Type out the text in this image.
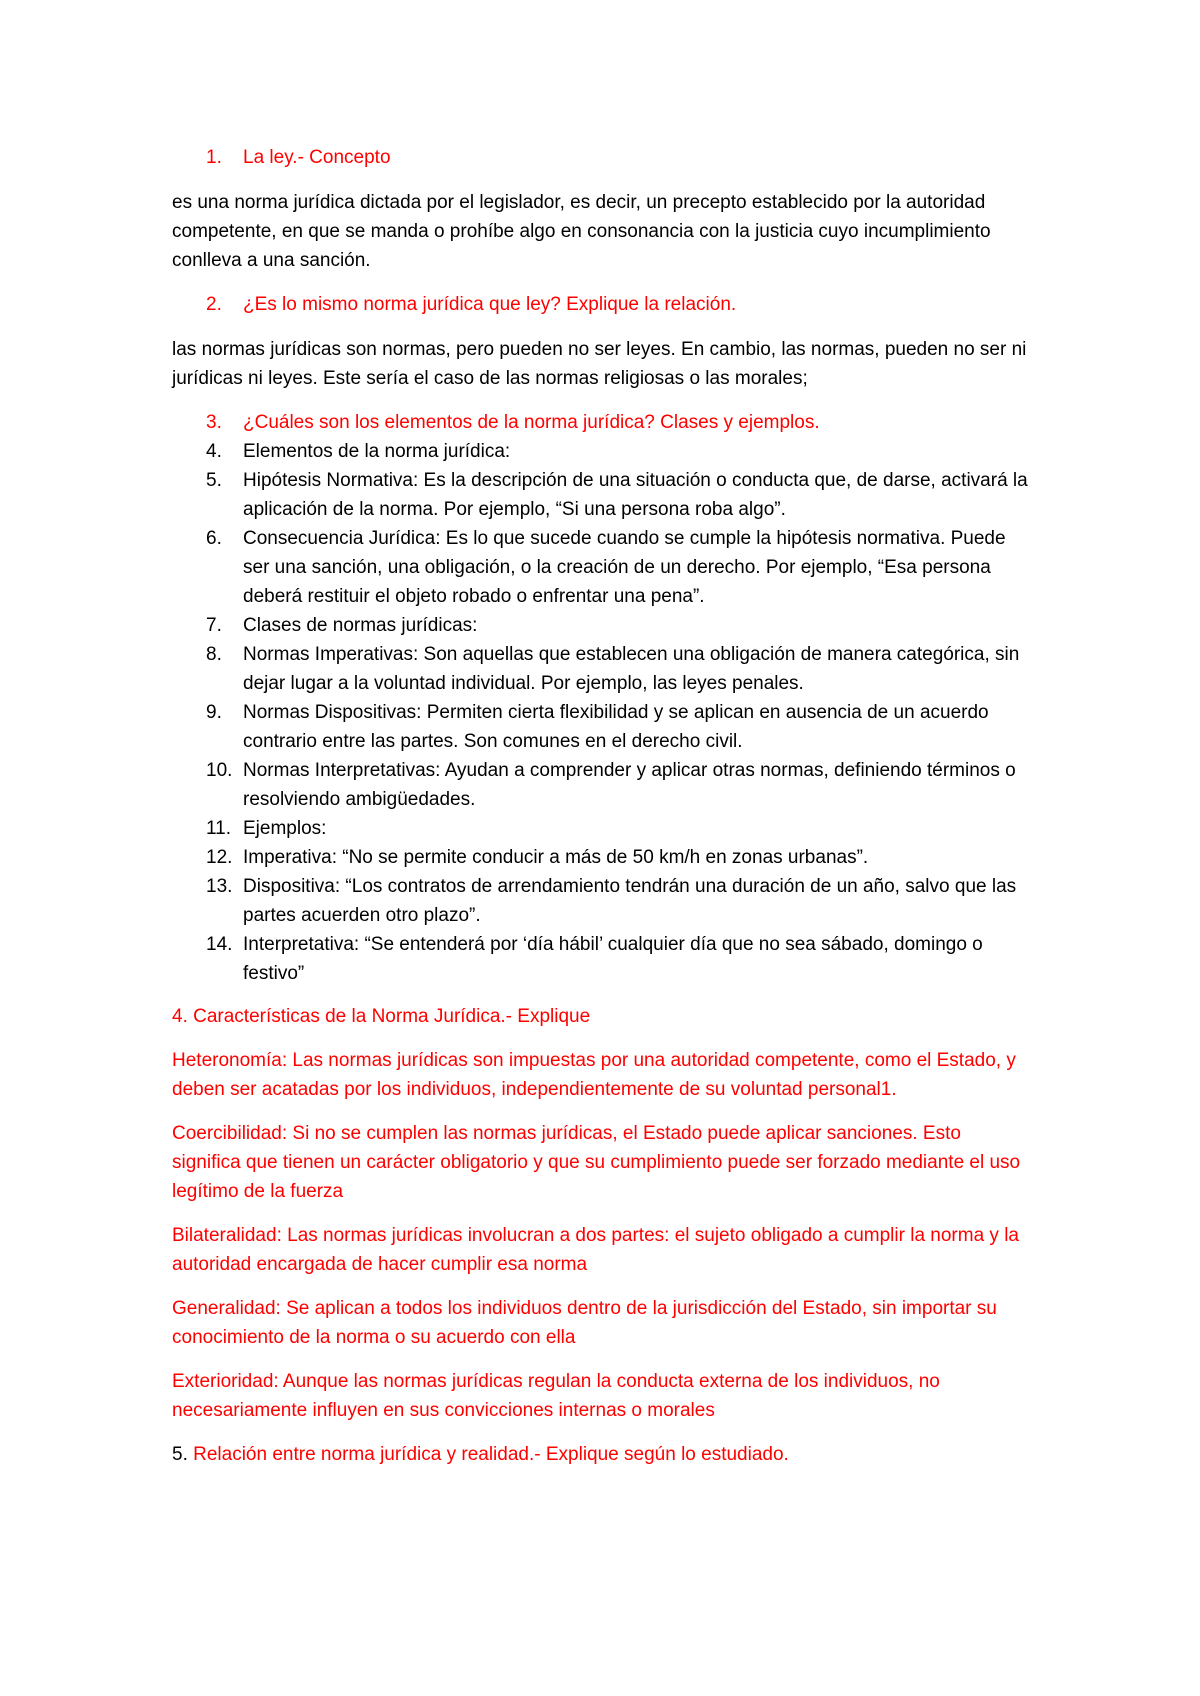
1.	La ley.- Concepto

es una norma jurídica dictada por el legislador, es decir, un precepto establecido por la autoridad competente, en que se manda o prohíbe algo en consonancia con la justicia cuyo incumplimiento conlleva a una sanción.

2.	¿Es lo mismo norma jurídica que ley? Explique la relación.

las normas jurídicas son normas, pero pueden no ser leyes. En cambio, las normas, pueden no ser ni jurídicas ni leyes. Este sería el caso de las normas religiosas o las morales;

3.	¿Cuáles son los elementos de la norma jurídica? Clases y ejemplos.
4.	Elementos de la norma jurídica:
5.	Hipótesis Normativa: Es la descripción de una situación o conducta que, de darse, activará la aplicación de la norma. Por ejemplo, “Si una persona roba algo”.
6.	Consecuencia Jurídica: Es lo que sucede cuando se cumple la hipótesis normativa. Puede ser una sanción, una obligación, o la creación de un derecho. Por ejemplo, “Esa persona deberá restituir el objeto robado o enfrentar una pena”.
7.	Clases de normas jurídicas:
8.	Normas Imperativas: Son aquellas que establecen una obligación de manera categórica, sin dejar lugar a la voluntad individual. Por ejemplo, las leyes penales.
9.	Normas Dispositivas: Permiten cierta flexibilidad y se aplican en ausencia de un acuerdo contrario entre las partes. Son comunes en el derecho civil.
10. Normas Interpretativas: Ayudan a comprender y aplicar otras normas, definiendo términos o resolviendo ambigüedades.
11. Ejemplos:
12. Imperativa: “No se permite conducir a más de 50 km/h en zonas urbanas”.
13. Dispositiva: “Los contratos de arrendamiento tendrán una duración de un año, salvo que las partes acuerden otro plazo”.
14. Interpretativa: “Se entenderá por ‘día hábil’ cualquier día que no sea sábado, domingo o festivo”

4. Características de la Norma Jurídica.- Explique

Heteronomía: Las normas jurídicas son impuestas por una autoridad competente, como el Estado, y deben ser acatadas por los individuos, independientemente de su voluntad personal1.

Coercibilidad: Si no se cumplen las normas jurídicas, el Estado puede aplicar sanciones. Esto significa que tienen un carácter obligatorio y que su cumplimiento puede ser forzado mediante el uso legítimo de la fuerza

Bilateralidad: Las normas jurídicas involucran a dos partes: el sujeto obligado a cumplir la norma y la autoridad encargada de hacer cumplir esa norma

Generalidad: Se aplican a todos los individuos dentro de la jurisdicción del Estado, sin importar su conocimiento de la norma o su acuerdo con ella

Exterioridad: Aunque las normas jurídicas regulan la conducta externa de los individuos, no necesariamente influyen en sus convicciones internas o morales

5. Relación entre norma jurídica y realidad.- Explique según lo estudiado.
